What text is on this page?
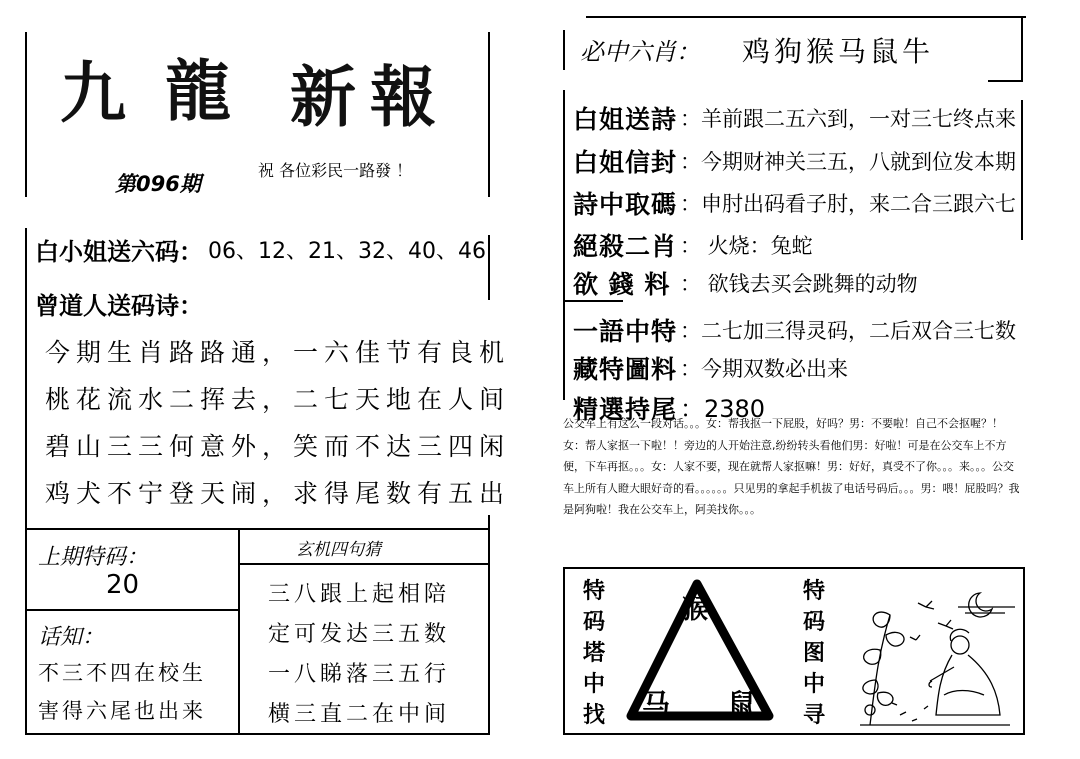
九 龍 新 報
第096期
祝 各位彩民一路發 ！
白小姐送六码： 06、12、21、32、40、46
曾道人送码诗：
今期生肖路路通，一六佳节有良机
桃花流水二挥去，二七天地在人间
碧山三三何意外，笑而不达三四闲
鸡犬不宁登天闹，求得尾数有五出
上期特码：
20
玄机四句猜
三八跟上起相陪
定可发达三五数
一八睇落三五行
横三直二在中间
话知：
不三不四在校生
害得六尾也出来
必中六肖： 鸡狗猴马鼠牛
白姐送詩 ：羊前跟二五六到，一对三七终点来
白姐信封 ：今期财神关三五，八就到位发本期
詩中取碼 ：申肘出码看子肘，来二合三跟六七
絕殺二肖 ： 火烧：兔蛇
欲 錢 料 ： 欲钱去买会跳舞的动物
一語中特 ：二七加三得灵码，二后双合三七数
藏特圖料 ：今期双数必出来
精選持尾 ：2380
公交车上有这么一段对话。。。女：帮我抠一下屁股，好吗？男：不要啦！自己不会抠喔？！女：帮人家抠一下啦！！旁边的人开始注意,纷纷转头看他们男：好啦！可是在公交车上不方便，下车再抠。。。女：人家不要，现在就帮人家抠嘛！男：好好，真受不了你。。。来。。。公交车上所有人瞪大眼好奇的看。。。。。。只见男的拿起手机拔了电话号码后。。。男：喂！屁股吗？我是阿狗啦！我在公交车上，阿美找你。。。
特
码
塔
中
找
猴
马 鼠
特
码
图
中
寻
